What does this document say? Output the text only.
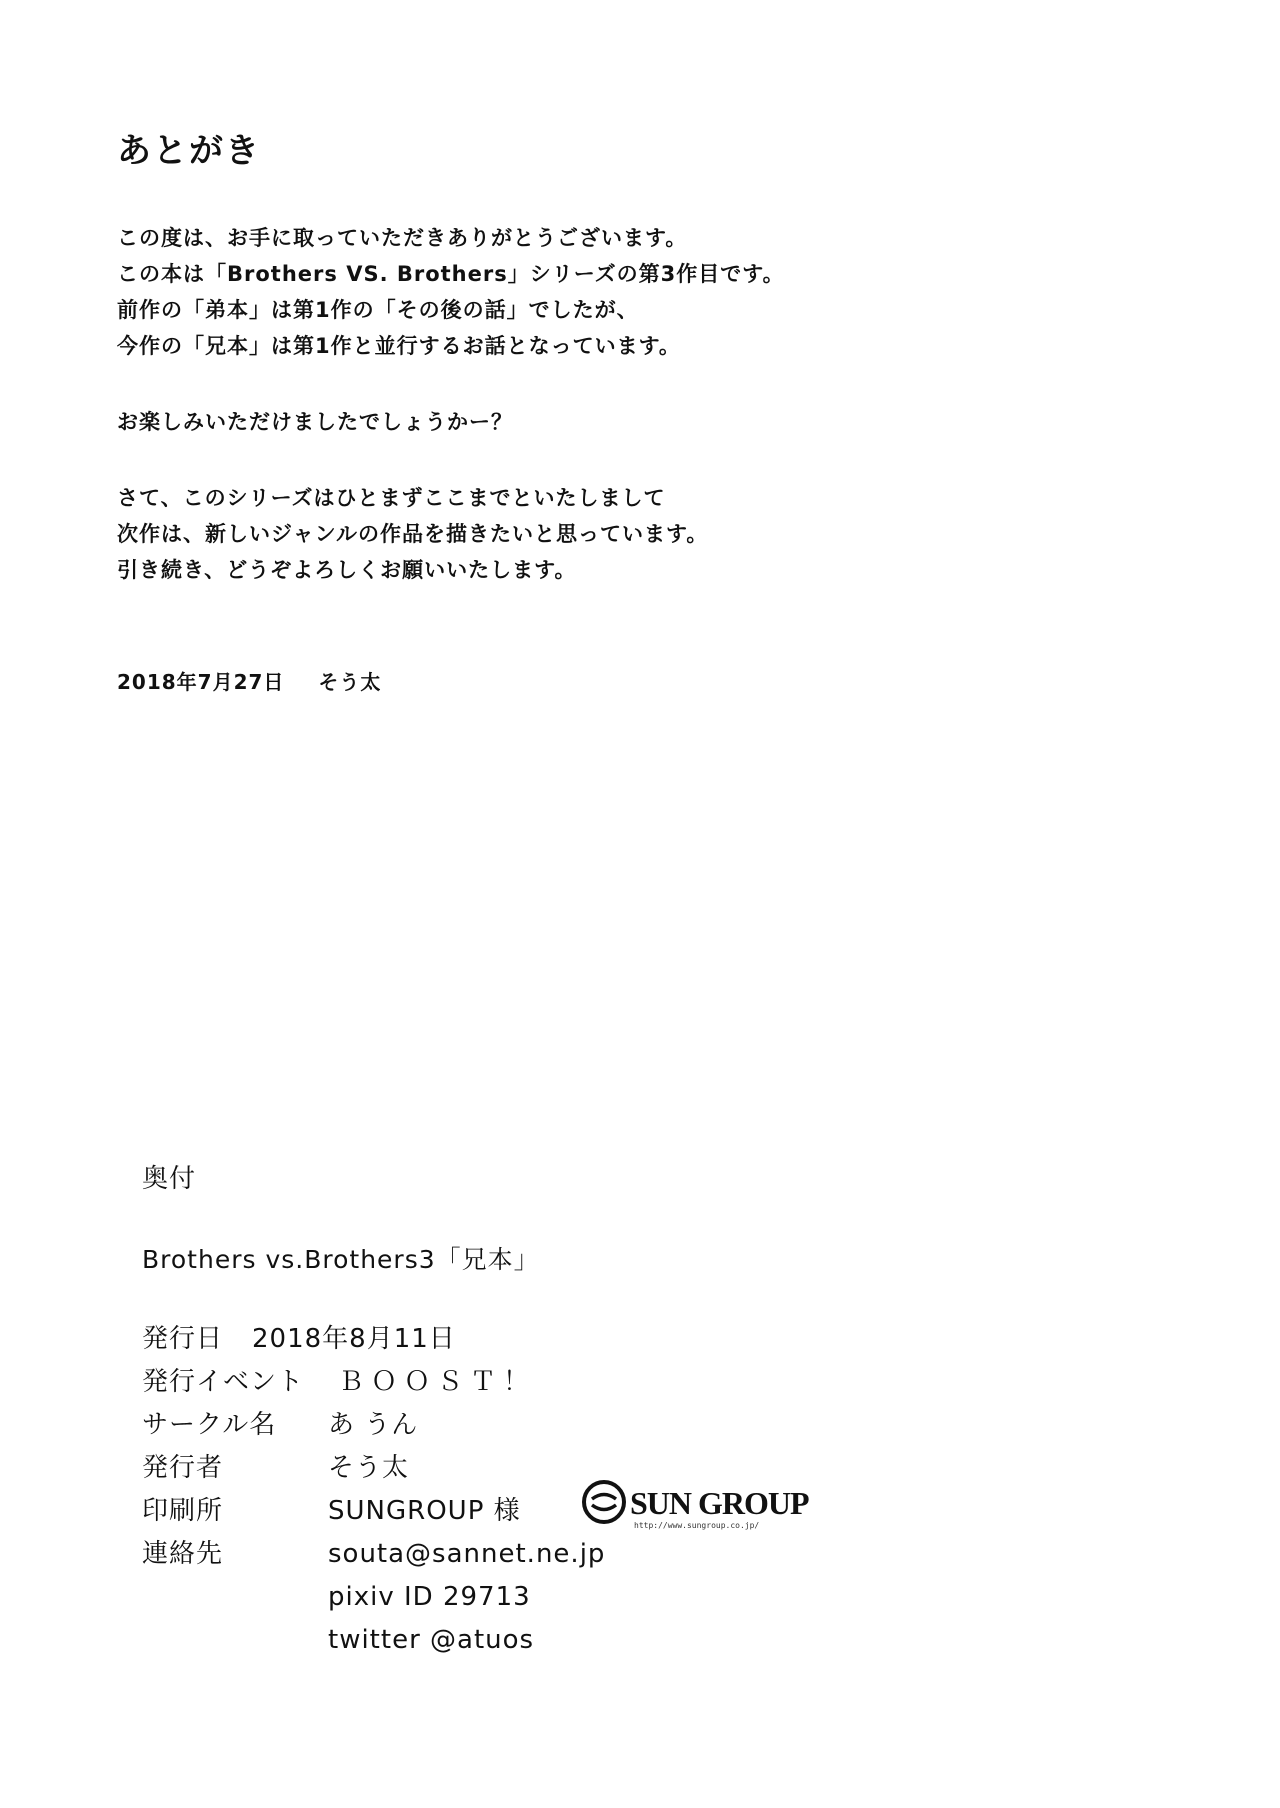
あとがき
この度は、お手に取っていただきありがとうございます。
この本は「Brothers VS. Brothers」シリーズの第3作目です。
前作の「弟本」は第1作の「その後の話」でしたが、
今作の「兄本」は第1作と並行するお話となっています。
お楽しみいただけましたでしょうかー？
さて、このシリーズはひとまずここまでといたしまして
次作は、新しいジャンルの作品を描きたいと思っています。
引き続き、どうぞよろしくお願いいたします。
2018年7月27日 そう太
奥付
Brothers vs.Brothers3「兄本」
発行日 2018年8月11日
発行イベント ＢＯＯＳＴ！
サークル名 あ うん
発行者	そう太
印刷所	SUNGROUP 様
連絡先	souta@sannet.ne.jp
pixiv ID 29713
twitter @atuos
SUN GROUP
http://www.sungroup.co.jp/
